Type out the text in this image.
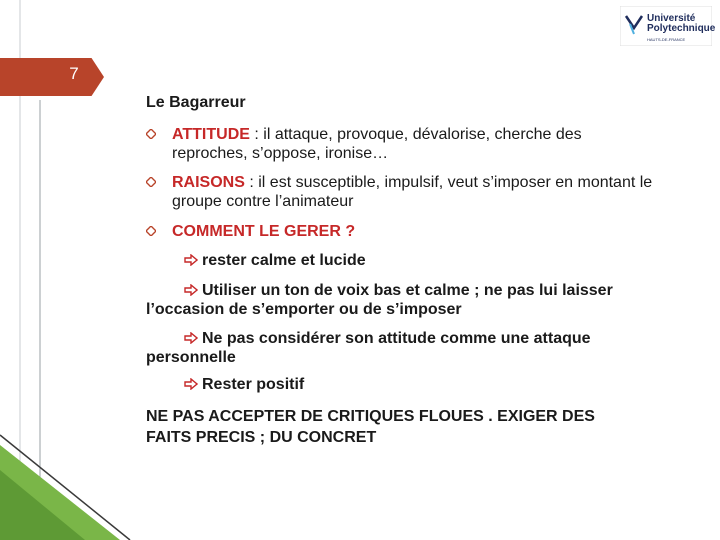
7
Université
Polytechnique
HAUTS-DE-FRANCE
Le Bagarreur
ATTITUDE : il attaque, provoque, dévalorise, cherche des reproches, s’oppose, ironise…
RAISONS : il est susceptible, impulsif, veut s’imposer en montant le groupe contre l’animateur
COMMENT LE GERER ?
rester calme et lucide
Utiliser un ton de voix bas et calme ; ne pas lui laisser
l’occasion de s’emporter ou de s’imposer
Ne pas considérer son attitude comme une attaque
personnelle
Rester positif
NE PAS ACCEPTER DE CRITIQUES FLOUES . EXIGER DES
FAITS PRECIS ; DU CONCRET
